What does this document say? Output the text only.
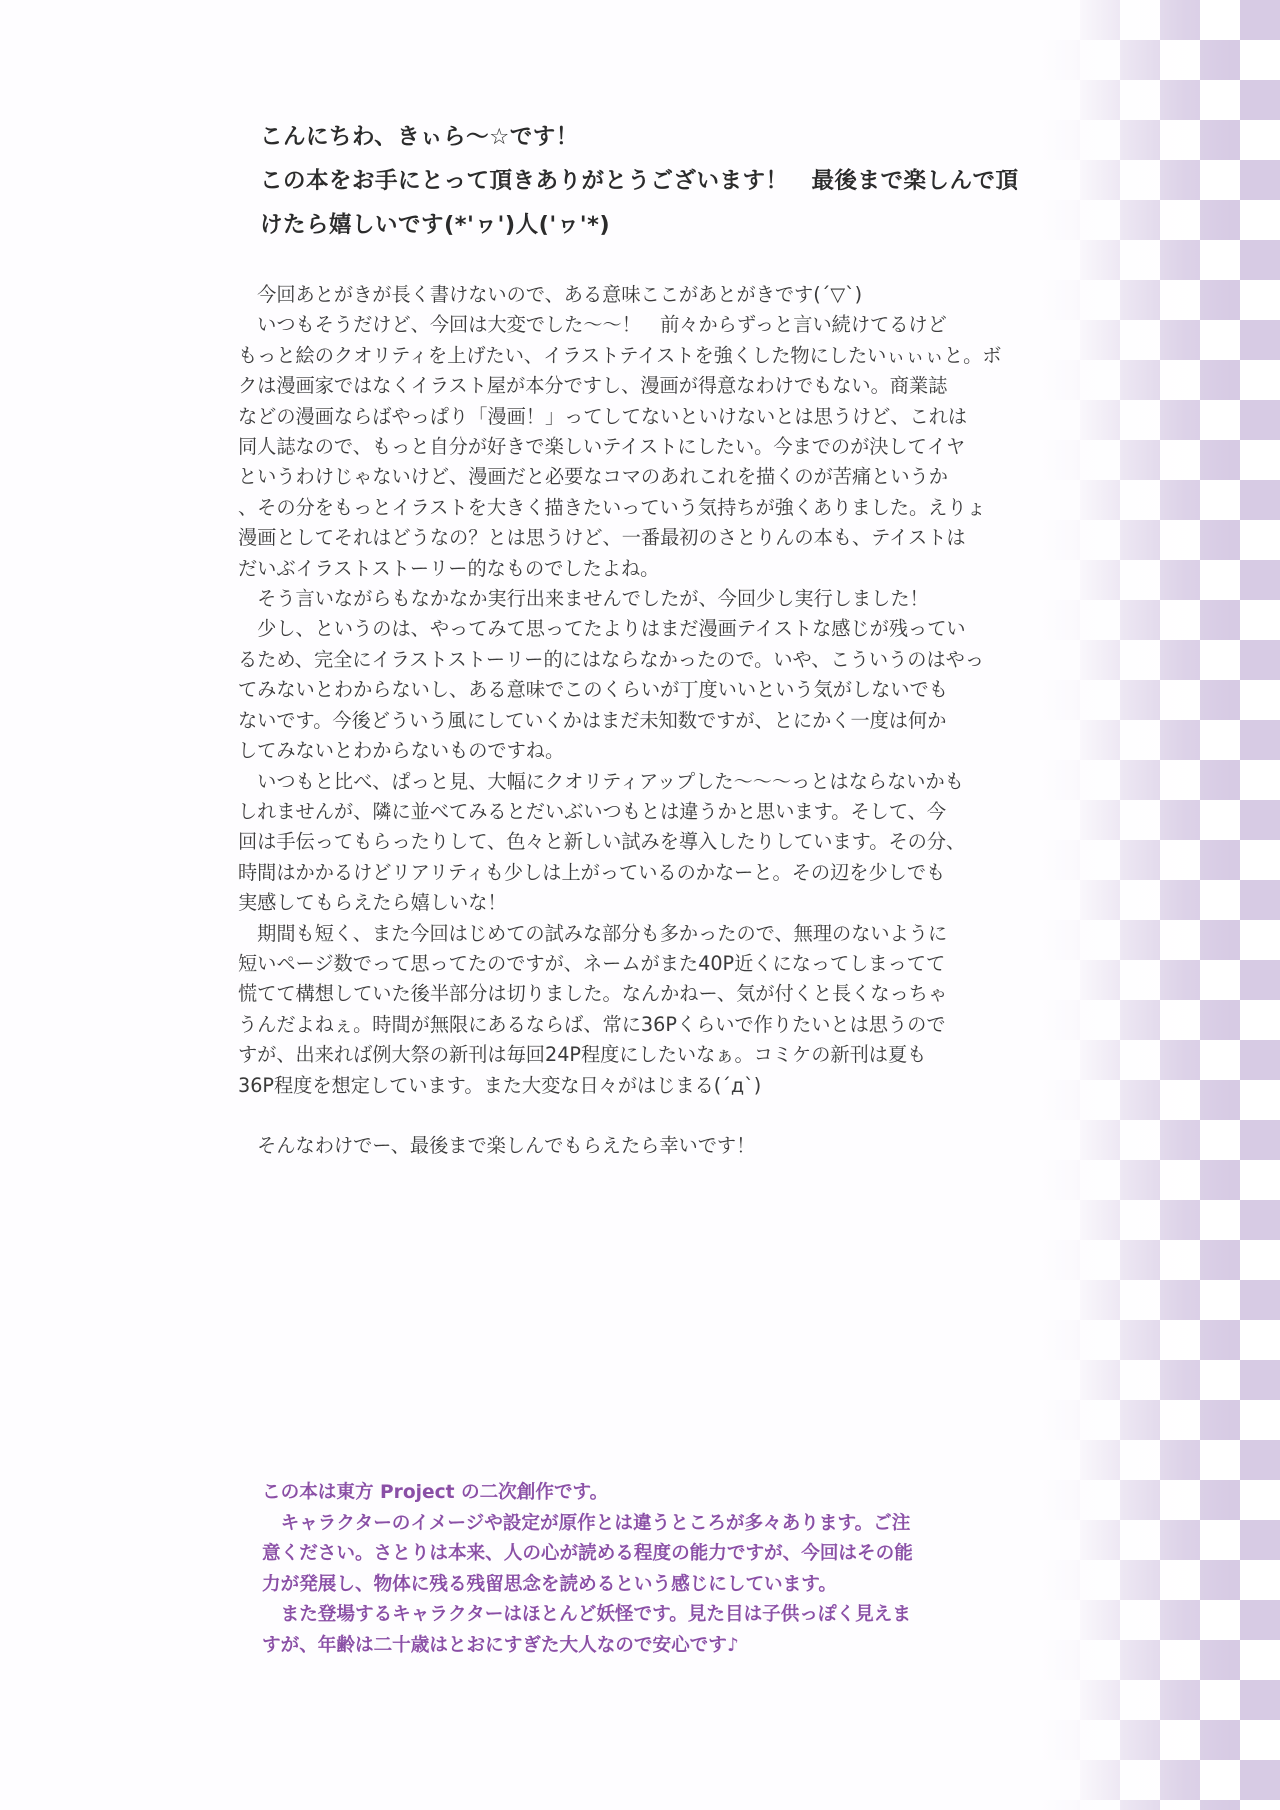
こんにちわ、きぃら～☆です！

この本をお手にとって頂きありがとうございます！　最後まで楽しんで頂

けたら嬉しいです(*'ヮ')人('ヮ'*)

　今回あとがきが長く書けないので、ある意味ここがあとがきです(´▽`)

　いつもそうだけど、今回は大変でした～～！　前々からずっと言い続けてるけど

もっと絵のクオリティを上げたい、イラストテイストを強くした物にしたいぃぃぃと。ボ

クは漫画家ではなくイラスト屋が本分ですし、漫画が得意なわけでもない。商業誌

などの漫画ならばやっぱり「漫画！」ってしてないといけないとは思うけど、これは

同人誌なので、もっと自分が好きで楽しいテイストにしたい。今までのが決してイヤ

というわけじゃないけど、漫画だと必要なコマのあれこれを描くのが苦痛というか

、その分をもっとイラストを大きく描きたいっていう気持ちが強くありました。えりょ

漫画としてそれはどうなの？とは思うけど、一番最初のさとりんの本も、テイストは

だいぶイラストストーリー的なものでしたよね。

　そう言いながらもなかなか実行出来ませんでしたが、今回少し実行しました！

　少し、というのは、やってみて思ってたよりはまだ漫画テイストな感じが残ってい

るため、完全にイラストストーリー的にはならなかったので。いや、こういうのはやっ

てみないとわからないし、ある意味でこのくらいが丁度いいという気がしないでも

ないです。今後どういう風にしていくかはまだ未知数ですが、とにかく一度は何か

してみないとわからないものですね。

　いつもと比べ、ぱっと見、大幅にクオリティアップした～～～っとはならないかも

しれませんが、隣に並べてみるとだいぶいつもとは違うかと思います。そして、今

回は手伝ってもらったりして、色々と新しい試みを導入したりしています。その分、

時間はかかるけどリアリティも少しは上がっているのかなーと。その辺を少しでも

実感してもらえたら嬉しいな！

　期間も短く、また今回はじめての試みな部分も多かったので、無理のないように

短いページ数でって思ってたのですが、ネームがまた40P近くになってしまってて

慌てて構想していた後半部分は切りました。なんかねー、気が付くと長くなっちゃ

うんだよねぇ。時間が無限にあるならば、常に36Pくらいで作りたいとは思うので

すが、出来れば例大祭の新刊は毎回24P程度にしたいなぁ。コミケの新刊は夏も

36P程度を想定しています。また大変な日々がはじまる(´д`)

　そんなわけでー、最後まで楽しんでもらえたら幸いです！

この本は東方 Project の二次創作です。

　キャラクターのイメージや設定が原作とは違うところが多々あります。ご注

意ください。さとりは本来、人の心が読める程度の能力ですが、今回はその能

力が発展し、物体に残る残留思念を読めるという感じにしています。

　また登場するキャラクターはほとんど妖怪です。見た目は子供っぽく見えま

すが、年齢は二十歳はとおにすぎた大人なので安心です♪
